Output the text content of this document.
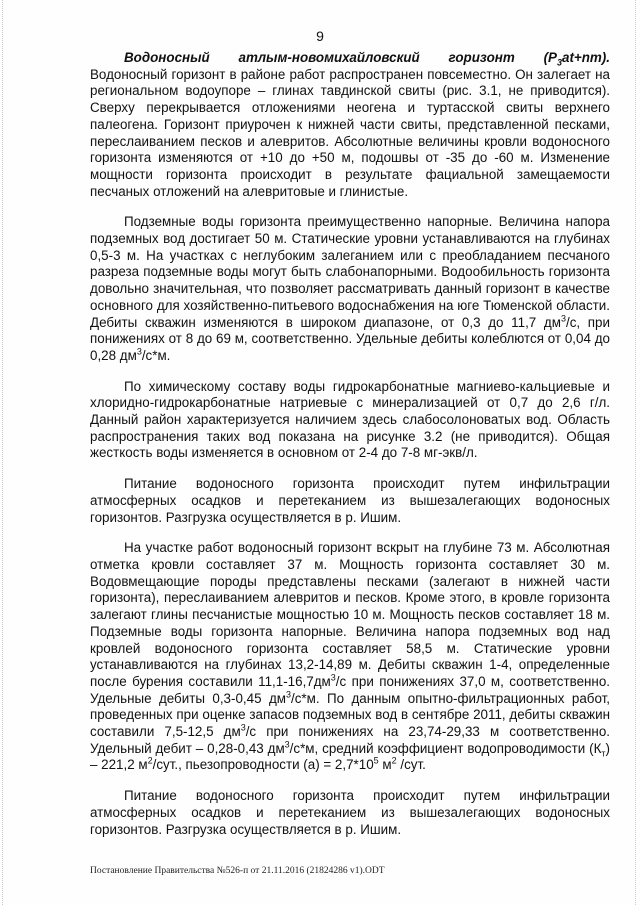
9

Водоносный атлым-новомихайловский горизонт $(P_3at+nm)$. Водоносный горизонт в районе работ распространен повсеместно. Он залегает на региональном водоупоре – глинах тавдинской свиты (рис. 3.1, не приводится). Сверху перекрывается отложениями неогена и туртасской свиты верхнего палеогена. Горизонт приурочен к нижней части свиты, представленной песками, переслаиванием песков и алевритов. Абсолютные величины кровли водоносного горизонта изменяются от +10 до +50 м, подошвы от -35 до -60 м. Изменение мощности горизонта происходит в результате фациальной замещаемости песчаных отложений на алевритовые и глинистые.

Подземные воды горизонта преимущественно напорные. Величина напора подземных вод достигает 50 м. Статические уровни устанавливаются на глубинах 0,5-3 м. На участках с неглубоким залеганием или с преобладанием песчаного разреза подземные воды могут быть слабонапорными. Водообильность горизонта довольно значительная, что позволяет рассматривать данный горизонт в качестве основного для хозяйственно-питьевого водоснабжения на юге Тюменской области. Дебиты скважин изменяются в широком диапазоне, от 0,3 до 11,7 $дм^3/с$, при понижениях от 8 до 69 м, соответственно. Удельные дебиты колеблются от 0,04 до 0,28 $дм^3/с*м$.

По химическому составу воды гидрокарбонатные магниево-кальциевые и хлоридно-гидрокарбонатные натриевые с минерализацией от 0,7 до 2,6 г/л. Данный район характеризуется наличием здесь слабосолоноватых вод. Область распространения таких вод показана на рисунке 3.2 (не приводится). Общая жесткость воды изменяется в основном от 2-4 до 7-8 мг-экв/л.

Питание водоносного горизонта происходит путем инфильтрации атмосферных осадков и перетеканием из вышезалегающих водоносных горизонтов. Разгрузка осуществляется в р. Ишим.

На участке работ водоносный горизонт вскрыт на глубине 73 м. Абсолютная отметка кровли составляет 37 м. Мощность горизонта составляет 30 м. Водовмещающие породы представлены песками (залегают в нижней части горизонта), переслаиванием алевритов и песков. Кроме этого, в кровле горизонта залегают глины песчанистые мощностью 10 м. Мощность песков составляет 18 м. Подземные воды горизонта напорные. Величина напора подземных вод над кровлей водоносного горизонта составляет 58,5 м. Статические уровни устанавливаются на глубинах 13,2-14,89 м. Дебиты скважин 1-4, определенные после бурения составили $11,1-16,7дм^3/с$ при понижениях 37,0 м, соответственно. Удельные дебиты 0,3-0,45 $дм^3/с*м$. По данным опытно-фильтрационных работ, проведенных при оценке запасов подземных вод в сентябре 2011, дебиты скважин составили 7,5-12,5 $дм^3/с$ при понижениях на 23,74-29,33 м соответственно. Удельный дебит – 0,28-0,43 $дм^3/с*м$, средний коэффициент водопроводимости $(К_т) - 221,2$ $м^2$/сут., пьезопроводности $(а) = 2,7*10^5$ $м^2$ /сут.

Питание водоносного горизонта происходит путем инфильтрации атмосферных осадков и перетеканием из вышезалегающих водоносных горизонтов. Разгрузка осуществляется в р. Ишим.

Постановление Правительства №526-п от 21.11.2016 (21824286 v1).ODT
